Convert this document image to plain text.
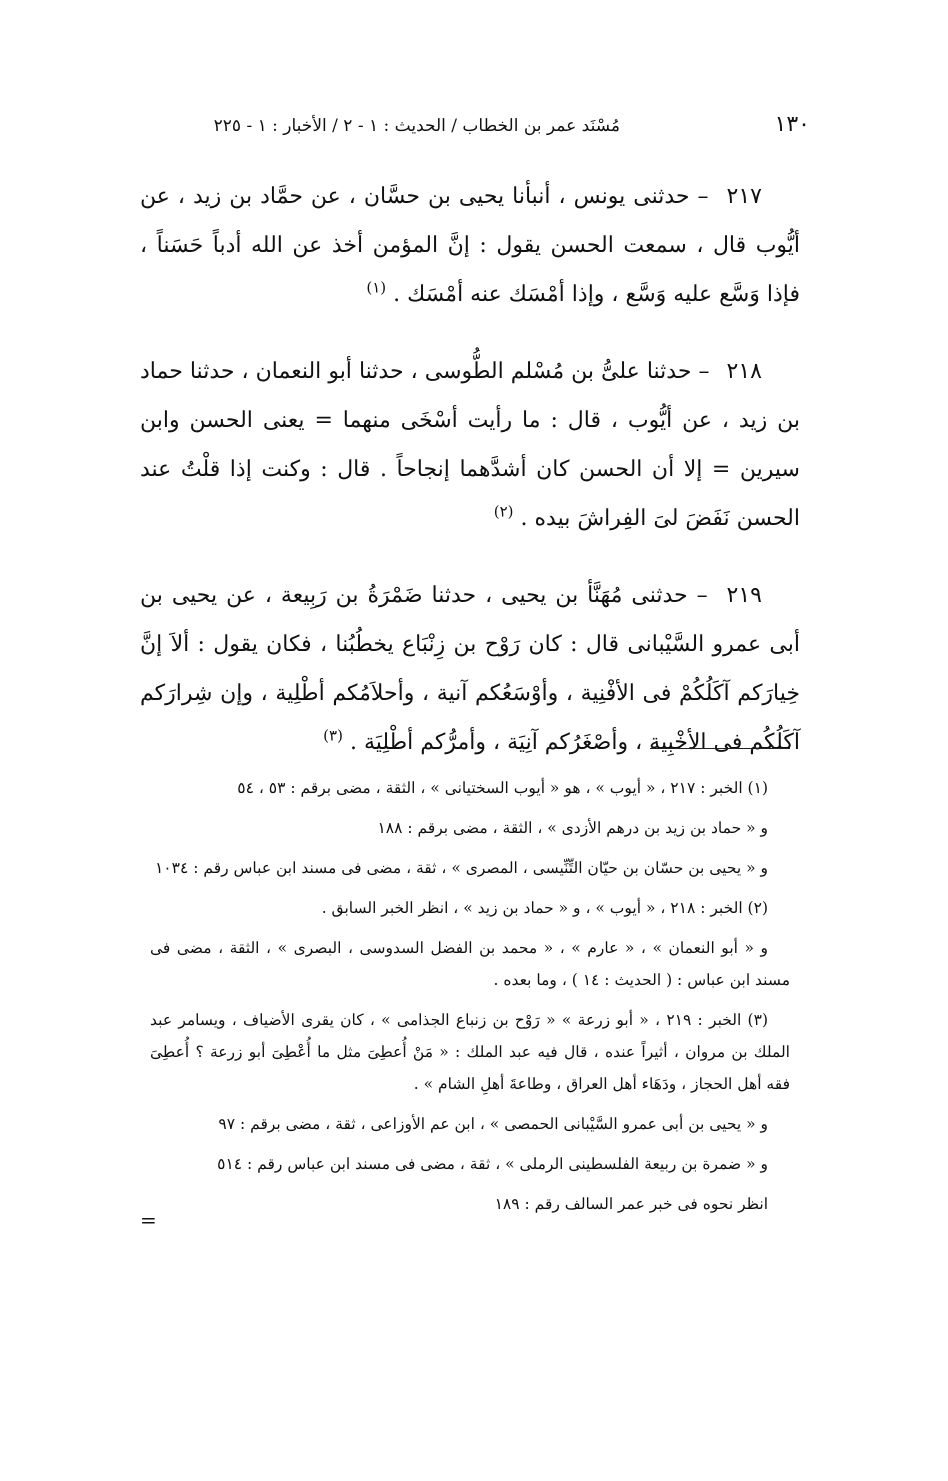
١٣٠
مُسْنَد عمر بن الخطاب / الحديث : ١ - ٢ / الأخبار : ١ - ٢٢٥

٢١٧ – حدثنى يونس ، أنبأنا يحيى بن حسَّان ، عن حمَّاد بن زيد ، عن أيُّوب قال ، سمعت الحسن يقول : إنَّ المؤمن أخذ عن الله أدباً حَسَناً ، فإذا وَسَّع عليه وَسَّع ، وإذا أمْسَك عنه أمْسَك . $^{(١)}$

٢١٨ – حدثنا علىُّ بن مُسْلم الطُّوسى ، حدثنا أبو النعمان ، حدثنا حماد بن زيد ، عن أيُّوب ، قال : ما رأيت أسْخَى منهما = يعنى الحسن وابن سيرين = إلا أن الحسن كان أشدَّهما إنجاحاً . قال : وكنت إذا قلْتُ عند الحسن نَفَضَ لىَ الفِراشَ بيده . $^{(٢)}$

٢١٩ – حدثنى مُهَنَّأ بن يحيى ، حدثنا ضَمْرَةُ بن رَبِيعة ، عن يحيى بن أبى عمرو السَّيْبانى قال : كان رَوْح بن زِنْبَاع يخطُبُنا ، فكان يقول : ألاَ إنَّ خِيارَكم آكَلُكُمْ فى الأفْنِية ، وأوْسَعُكم آنية ، وأحلاَمُكم أطْلِية ، وإن شِرارَكم آكَلُكُم فى الأخْبِية ، وأصْغَرُكم آنِيَة ، وأمرُّكم أطْلِيَة . $^{(٣)}$

(١) الخبر : ٢١٧ ، « أيوب » ، هو « أيوب السختيانى » ، الثقة ، مضى برقم : ٥٣ ، ٥٤

و « حماد بن زيد بن درهم الأزدى » ، الثقة ، مضى برقم : ١٨٨

و « يحيى بن حسّان بن حيّان التِّنِّيسى ، المصرى » ، ثقة ، مضى فى مسند ابن عباس رقم : ١٠٣٤

(٢) الخبر : ٢١٨ ، « أيوب » ، و « حماد بن زيد » ، انظر الخبر السابق .

و « أبو النعمان » ، « عارم » ، « محمد بن الفضل السدوسى ، البصرى » ، الثقة ، مضى فى مسند ابن عباس : ( الحديث : ١٤ ) ، وما بعده .

(٣) الخبر : ٢١٩ ، « أبو زرعة » « رَوْح بن زنباع الجذامى » ، كان يقرى الأضياف ، ويسامر عبد الملك بن مروان ، أثيراً عنده ، قال فيه عبد الملك : « مَنْ أُعطِىَ مثل ما أُعْطِىَ أبو زرعة ؟ أُعطِىَ فقه أهل الحجاز ، ودَهَاء أهل العراق ، وطاعةَ أهلِ الشام » .

و « يحيى بن أبى عمرو السَّيْبانى الحمصى » ، ابن عم الأوزاعى ، ثقة ، مضى برقم : ٩٧

و « ضمرة بن ربيعة الفلسطينى الرملى » ، ثقة ، مضى فى مسند ابن عباس رقم : ٥١٤

انظر نحوه فى خبر عمر السالف رقم : ١٨٩

=
